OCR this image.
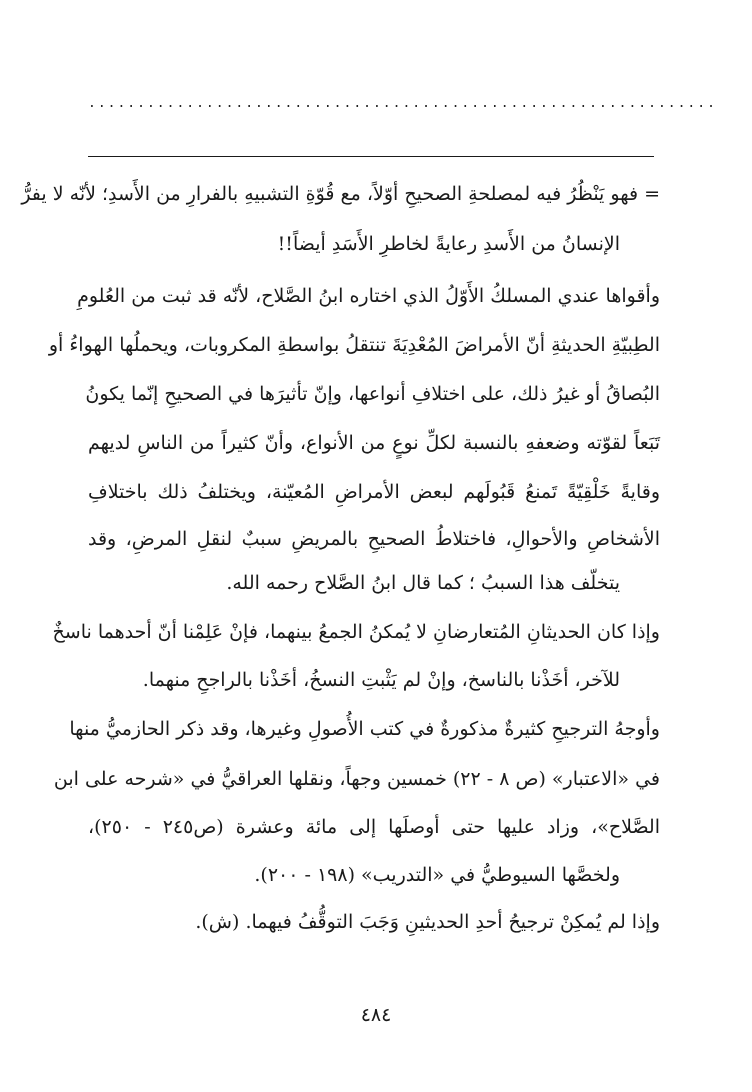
................................................................
= فهو يَنْظُرُ فيه لمصلحةِ الصحيحِ أوّلاً، مع قُوّةِ التشبيهِ بالفرارِ من الأَسدِ؛ لأنّه لا يفرُّ
الإنسانُ من الأَسدِ رعايةً لخاطرِ الأَسَدِ أيضاً!!
وأقواها عندي المسلكُ الأَوّلُ الذي اختاره ابنُ الصَّلاح، لأنّه قد ثبت من العُلومِ
الطِبيّةِ الحديثةِ أنّ الأمراضَ المُعْدِيَةَ تنتقلُ بواسطةِ المكروبات، ويحملُها الهواءُ أو
البُصاقُ أو غيرُ ذلك، على اختلافِ أنواعها، وإنّ تأثيرَها في الصحيحِ إنّما يكونُ
تَبَعاً لقوّته وضعفهِ بالنسبة لكلِّ نوعٍ من الأنواع، وأنّ كثيراً من الناسِ لديهم
وقايةً خَلْقِيّةً تَمنعُ قَبُولَهم لبعض الأمراضِ المُعيّنة، ويختلفُ ذلك باختلافِ
الأشخاصِ والأحوالِ، فاختلاطُ الصحيحِ بالمريضِ سببٌ لنقلِ المرضِ، وقد
يتخلّف هذا السببُ ؛ كما قال ابنُ الصَّلاح رحمه الله.
وإذا كان الحديثانِ المُتعارضانِ لا يُمكنُ الجمعُ بينهما، فإنْ عَلِمْنا أنّ أحدهما ناسخٌ
للآخر، أخَذْنا بالناسخ، وإنْ لم يَثْبتِ النسخُ، أخَذْنا بالراجحِ منهما.
وأوجهُ الترجيحِ كثيرةٌ مذكورةٌ في كتب الأُصولِ وغيرها، وقد ذكر الحازميُّ منها
في «الاعتبار» (ص ٨ - ٢٢) خمسين وجهاً، ونقلها العراقيُّ في «شرحه على ابن
الصَّلاح»، وزاد عليها حتى أوصلَها إلى مائة وعشرة (ص٢٤٥ - ٢٥٠)،
ولخصَّها السيوطيُّ في «التدريب» (١٩٨ - ٢٠٠).
وإذا لم يُمكِنْ ترجيحُ أحدِ الحديثينِ وَجَبَ التوقُّفُ فيهما. (ش).
٤٨٤
